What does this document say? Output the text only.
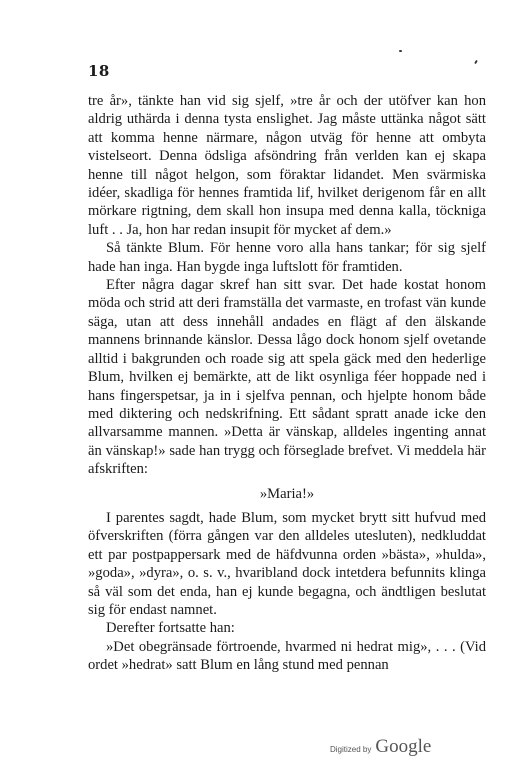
18

tre år», tänkte han vid sig sjelf, »tre år och der utöfver kan hon aldrig uthärda i denna tysta enslighet. Jag måste uttänka något sätt att komma henne närmare, någon utväg för henne att ombyta vistelseort. Denna ödsliga afsöndring från verlden kan ej skapa henne till något helgon, som föraktar lidandet. Men svärmiska idéer, skadliga för hennes framtida lif, hvilket derigenom får en allt mörkare rigtning, dem skall hon insupa med denna kalla, töckniga luft . . Ja, hon har redan insupit för mycket af dem.»

Så tänkte Blum. För henne voro alla hans tankar; för sig sjelf hade han inga. Han bygde inga luftslott för framtiden.

Efter några dagar skref han sitt svar. Det hade kostat honom möda och strid att deri framställa det varmaste, en trofast vän kunde säga, utan att dess innehåll andades en flägt af den älskande mannens brinnande känslor. Dessa lågo dock honom sjelf ovetande alltid i bakgrunden och roade sig att spela gäck med den hederlige Blum, hvilken ej bemärkte, att de likt osynliga féer hoppade ned i hans fingerspetsar, ja in i sjelfva pennan, och hjelpte honom både med diktering och nedskrifning. Ett sådant spratt anade icke den allvarsamme mannen. »Detta är vänskap, alldeles ingenting annat än vänskap!» sade han trygg och förseglade brefvet. Vi meddela här afskriften:

»Maria!»

I parentes sagdt, hade Blum, som mycket brytt sitt hufvud med öfverskriften (förra gången var den alldeles utesluten), nedkluddat ett par postpappersark med de häfdvunna orden »bästa», »hulda», »goda», »dyra», o. s. v., hvaribland dock intetdera befunnits klinga så väl som det enda, han ej kunde begagna, och ändtligen beslutat sig för endast namnet.

Derefter fortsatte han:

»Det obegränsade förtroende, hvarmed ni hedrat mig», . . . (Vid ordet »hedrat» satt Blum en lång stund med pennan

Digitized by Google
